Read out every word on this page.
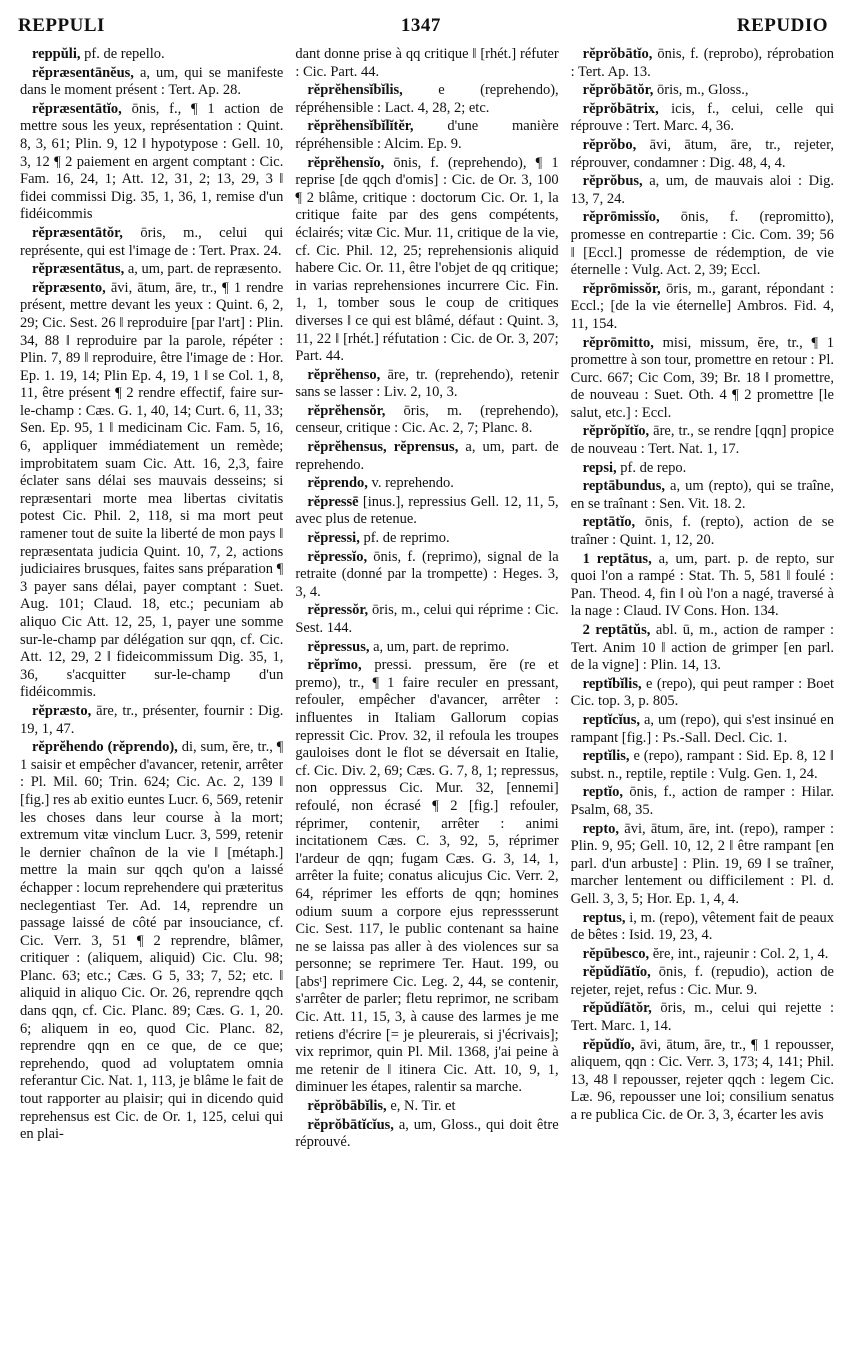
REPPULI	1347	REPUDIO

reppŭli, pf. de repello.

rĕpræsentānĕus, a, um, qui se manifeste dans le moment présent : Tert. Ap. 28.

rĕpræsentātĭo, ōnis, f., ¶ 1 action de mettre sous les yeux, représentation : Quint. 8, 3, 61; Plin. 9, 12 ‖ hypotypose : Gell. 10, 3, 12 ¶ 2 paiement en argent comptant : Cic. Fam. 16, 24, 1; Att. 12, 31, 2; 13, 29, 3 ‖ fidei commissi Dig. 35, 1, 36, 1, remise d'un fidéicommis

rĕpræsentātŏr, ōris, m., celui qui représente, qui est l'image de : Tert. Prax. 24.

rĕpræsentātus, a, um, part. de repræsento.

rĕpræsento, āvi, ātum, āre, tr., ¶ 1 rendre présent, mettre devant les yeux : Quint. 6, 2, 29; Cic. Sest. 26 ‖ reproduire [par l'art] : Plin. 34, 88 ‖ reproduire par la parole, répéter : Plin. 7, 89 ‖ reproduire, être l'image de : Hor. Ep. 1. 19, 14; Plin Ep. 4, 19, 1 ‖ se Col. 1, 8, 11, être présent ¶ 2 rendre effectif, faire sur-le-champ : Cæs. G. 1, 40, 14; Curt. 6, 11, 33; Sen. Ep. 95, 1 ‖ medicinam Cic. Fam. 5, 16, 6, appliquer immédiatement un remède; improbitatem suam Cic. Att. 16, 2,3, faire éclater sans délai ses mauvais desseins; si repræsentari morte mea libertas civitatis potest Cic. Phil. 2, 118, si ma mort peut ramener tout de suite la liberté de mon pays ‖ repræsentata judicia Quint. 10, 7, 2, actions judiciaires brusques, faites sans préparation ¶ 3 payer sans délai, payer comptant : Suet. Aug. 101; Claud. 18, etc.; pecuniam ab aliquo Cic Att. 12, 25, 1, payer une somme sur-le-champ par délégation sur qqn, cf. Cic. Att. 12, 29, 2 ‖ fideicommissum Dig. 35, 1, 36, s'acquitter sur-le-champ d'un fidéicommis.

rĕpræsto, āre, tr., présenter, fournir : Dig. 19, 1, 47.

rĕprĕhendo (rĕprendo), di, sum, ĕre, tr., ¶ 1 saisir et empêcher d'avancer, retenir, arrêter : Pl. Mil. 60; Trin. 624; Cic. Ac. 2, 139 ‖ [fig.] res ab exitio euntes Lucr. 6, 569, retenir les choses dans leur course à la mort; extremum vitæ vinclum Lucr. 3, 599, retenir le dernier chaînon de la vie ‖ [métaph.] mettre la main sur qqch qu'on a laissé échapper : locum reprehendere qui præteritus neclegentiast Ter. Ad. 14, reprendre un passage laissé de côté par insouciance, cf. Cic. Verr. 3, 51 ¶ 2 reprendre, blâmer, critiquer : (aliquem, aliquid) Cic. Clu. 98; Planc. 63; etc.; Cæs. G 5, 33; 7, 52; etc. ‖ aliquid in aliquo Cic. Or. 26, reprendre qqch dans qqn, cf. Cic. Planc. 89; Cæs. G. 1, 20. 6; aliquem in eo, quod Cic. Planc. 82, reprendre qqn en ce que, de ce que; reprehendo, quod ad voluptatem omnia referantur Cic. Nat. 1, 113, je blâme le fait de tout rapporter au plaisir; qui in dicendo quid reprehensus est Cic. de Or. 1, 125, celui qui en plai-

dant donne prise à qq critique ‖ [rhét.] réfuter : Cic. Part. 44.

rĕprĕhensĭbĭlis, e (reprehendo), répréhensible : Lact. 4, 28, 2; etc.

rĕprĕhensĭbĭlĭtĕr, d'une manière répréhensible : Alcim. Ep. 9.

rĕprĕhensĭo, ōnis, f. (reprehendo), ¶ 1 reprise [de qqch d'omis] : Cic. de Or. 3, 100 ¶ 2 blâme, critique : doctorum Cic. Or. 1, la critique faite par des gens compétents, éclairés; vitæ Cic. Mur. 11, critique de la vie, cf. Cic. Phil. 12, 25; reprehensionis aliquid habere Cic. Or. 11, être l'objet de qq critique; in varias reprehensiones incurrere Cic. Fin. 1, 1, tomber sous le coup de critiques diverses ‖ ce qui est blâmé, défaut : Quint. 3, 11, 22 ‖ [rhét.] réfutation : Cic. de Or. 3, 207; Part. 44.

rĕprĕhenso, āre, tr. (reprehendo), retenir sans se lasser : Liv. 2, 10, 3.

rĕprĕhensŏr, ōris, m. (reprehendo), censeur, critique : Cic. Ac. 2, 7; Planc. 8.

rĕprĕhensus, rĕprensus, a, um, part. de reprehendo.

rĕprendo, v. reprehendo.

rĕpressē [inus.], repressius Gell. 12, 11, 5, avec plus de retenue.

rĕpressi, pf. de reprimo.

rĕpressĭo, ōnis, f. (reprimo), signal de la retraite (donné par la trompette) : Heges. 3, 3, 4.

rĕpressŏr, ōris, m., celui qui réprime : Cic. Sest. 144.

rĕpressus, a, um, part. de reprimo.

rĕprĭmo, pressi. pressum, ĕre (re et premo), tr., ¶ 1 faire reculer en pressant, refouler, empêcher d'avancer, arrêter : influentes in Italiam Gallorum copias repressit Cic. Prov. 32, il refoula les troupes gauloises dont le flot se déversait en Italie, cf. Cic. Div. 2, 69; Cæs. G. 7, 8, 1; repressus, non oppressus Cic. Mur. 32, [ennemi] refoulé, non écrasé ¶ 2 [fig.] refouler, réprimer, contenir, arrêter : animi incitationem Cæs. C. 3, 92, 5, réprimer l'ardeur de qqn; fugam Cæs. G. 3, 14, 1, arrêter la fuite; conatus alicujus Cic. Verr. 2, 64, réprimer les efforts de qqn; homines odium suum a corpore ejus repressserunt Cic. Sest. 117, le public contenant sa haine ne se laissa pas aller à des violences sur sa personne; se reprimere Ter. Haut. 199, ou [absᵗ] reprimere Cic. Leg. 2, 44, se contenir, s'arrêter de parler; fletu reprimor, ne scribam Cic. Att. 11, 15, 3, à cause des larmes je me retiens d'écrire [= je pleurerais, si j'écrivais]; vix reprimor, quin Pl. Mil. 1368, j'ai peine à me retenir de ‖ itinera Cic. Att. 10, 9, 1, diminuer les étapes, ralentir sa marche.

rĕprŏbābĭlis, e, N. Tir. et

rĕprŏbātĭcĭus, a, um, Gloss., qui doit être réprouvé.

rĕprŏbātĭo, ōnis, f. (reprobo), réprobation : Tert. Ap. 13.

rĕprŏbātŏr, ōris, m., Gloss.,

rĕprŏbātrix, icis, f., celui, celle qui réprouve : Tert. Marc. 4, 36.

rĕprŏbo, āvi, ātum, āre, tr., rejeter, réprouver, condamner : Dig. 48, 4, 4.

rĕprŏbus, a, um, de mauvais aloi : Dig. 13, 7, 24.

rĕprōmissĭo, ōnis, f. (repromitto), promesse en contrepartie : Cic. Com. 39; 56 ‖ [Eccl.] promesse de rédemption, de vie éternelle : Vulg. Act. 2, 39; Eccl.

rĕprōmissŏr, ōris, m., garant, répondant : Eccl.; [de la vie éternelle] Ambros. Fid. 4, 11, 154.

rĕprōmitto, misi, missum, ĕre, tr., ¶ 1 promettre à son tour, promettre en retour : Pl. Curc. 667; Cic Com, 39; Br. 18 ‖ promettre, de nouveau : Suet. Oth. 4 ¶ 2 promettre [le salut, etc.] : Eccl.

rĕprŏpĭtĭo, āre, tr., se rendre [qqn] propice de nouveau : Tert. Nat. 1, 17.

repsi, pf. de repo.

reptābundus, a, um (repto), qui se traîne, en se traînant : Sen. Vit. 18. 2.

reptātĭo, ōnis, f. (repto), action de se traîner : Quint. 1, 12, 20.

1 reptātus, a, um, part. p. de repto, sur quoi l'on a rampé : Stat. Th. 5, 581 ‖ foulé : Pan. Theod. 4, fin ‖ où l'on a nagé, traversé à la nage : Claud. IV Cons. Hon. 134.

2 reptātŭs, abl. ū, m., action de ramper : Tert. Anim 10 ‖ action de grimper [en parl. de la vigne] : Plin. 14, 13.

reptĭbĭlis, e (repo), qui peut ramper : Boet Cic. top. 3, p. 805.

reptĭcĭus, a, um (repo), qui s'est insinué en rampant [fig.] : Ps.-Sall. Decl. Cic. 1.

reptĭlis, e (repo), rampant : Sid. Ep. 8, 12 ‖ subst. n., reptile, reptile : Vulg. Gen. 1, 24.

reptĭo, ōnis, f., action de ramper : Hilar. Psalm, 68, 35.

repto, āvi, ātum, āre, int. (repo), ramper : Plin. 9, 95; Gell. 10, 12, 2 ‖ être rampant [en parl. d'un arbuste] : Plin. 19, 69 ‖ se traîner, marcher lentement ou difficilement : Pl. d. Gell. 3, 3, 5; Hor. Ep. 1, 4, 4.

reptus, i, m. (repo), vêtement fait de peaux de bêtes : Isid. 19, 23, 4.

rĕpūbesco, ĕre, int., rajeunir : Col. 2, 1, 4.

rĕpŭdĭātĭo, ōnis, f. (repudio), action de rejeter, rejet, refus : Cic. Mur. 9.

rĕpŭdĭātŏr, ōris, m., celui qui rejette : Tert. Marc. 1, 14.

rĕpŭdĭo, āvi, ātum, āre, tr., ¶ 1 repousser, aliquem, qqn : Cic. Verr. 3, 173; 4, 141; Phil. 13, 48 ‖ repousser, rejeter qqch : legem Cic. Læ. 96, repousser une loi; consilium senatus a re publica Cic. de Or. 3, 3, écarter les avis
